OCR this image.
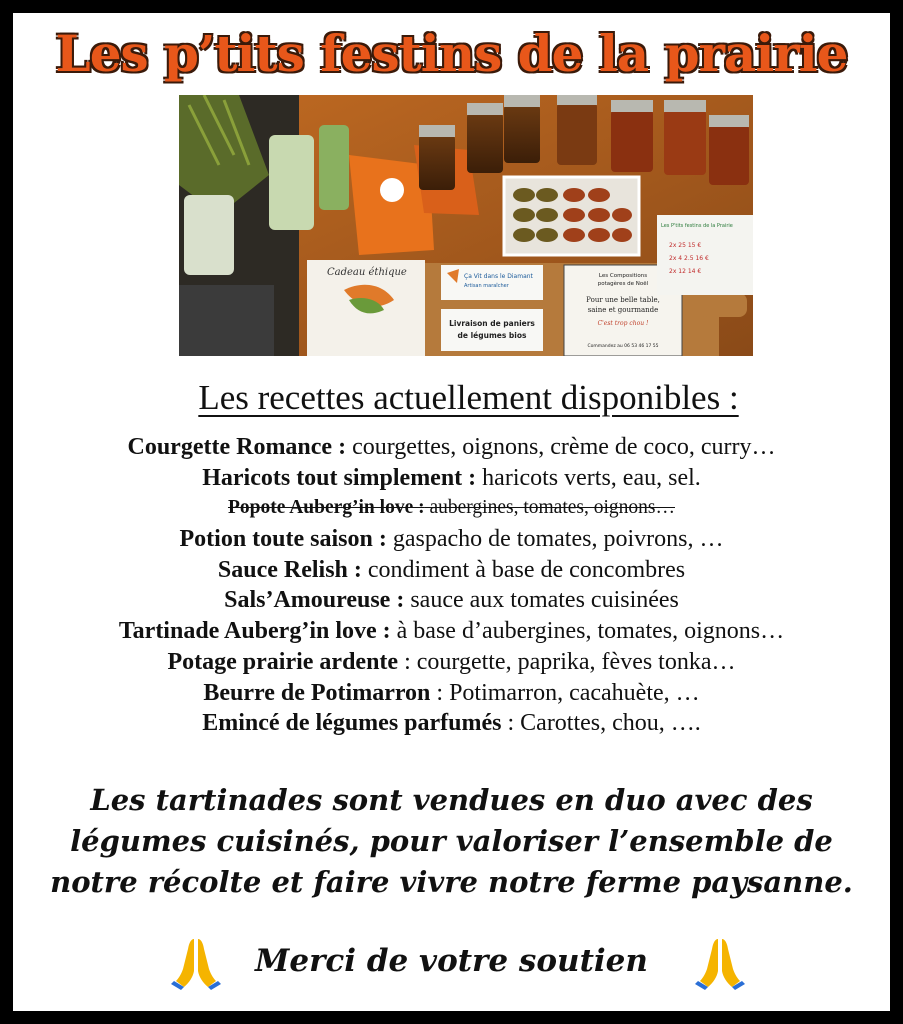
Les p’tits festins de la prairie
Cadeau éthique	Ça Vit dans le Diamant
Artisan maraîcher
Livraison de paniers
de légumes bios
Les Compositions
potagères de Noël
Pour une belle table,
saine et gourmande
C'est trop chou !
Commandez au 06 53 46 17 55
Les P'tits festins de la Prairie
2x 25 15 €
2x 4 2.5 16 €
2x 12 14 €
Les recettes actuellement disponibles :
Courgette Romance : courgettes, oignons, crème de coco, curry…
Haricots tout simplement : haricots verts, eau, sel.
Popote Auberg’in love : aubergines, tomates, oignons…
Potion toute saison : gaspacho de tomates, poivrons, …
Sauce Relish : condiment à base de concombres
Sals’Amoureuse : sauce aux tomates cuisinées
Tartinade Auberg’in love : à base d’aubergines, tomates, oignons…
Potage prairie ardente : courgette, paprika, fèves tonka…
Beurre de Potimarron : Potimarron, cacahuète, …
Emincé de légumes parfumés : Carottes, chou, ….
Les tartinades sont vendues en duo avec des
légumes cuisinés, pour valoriser l’ensemble de
notre récolte et faire vivre notre ferme paysanne.
Merci de votre soutien
